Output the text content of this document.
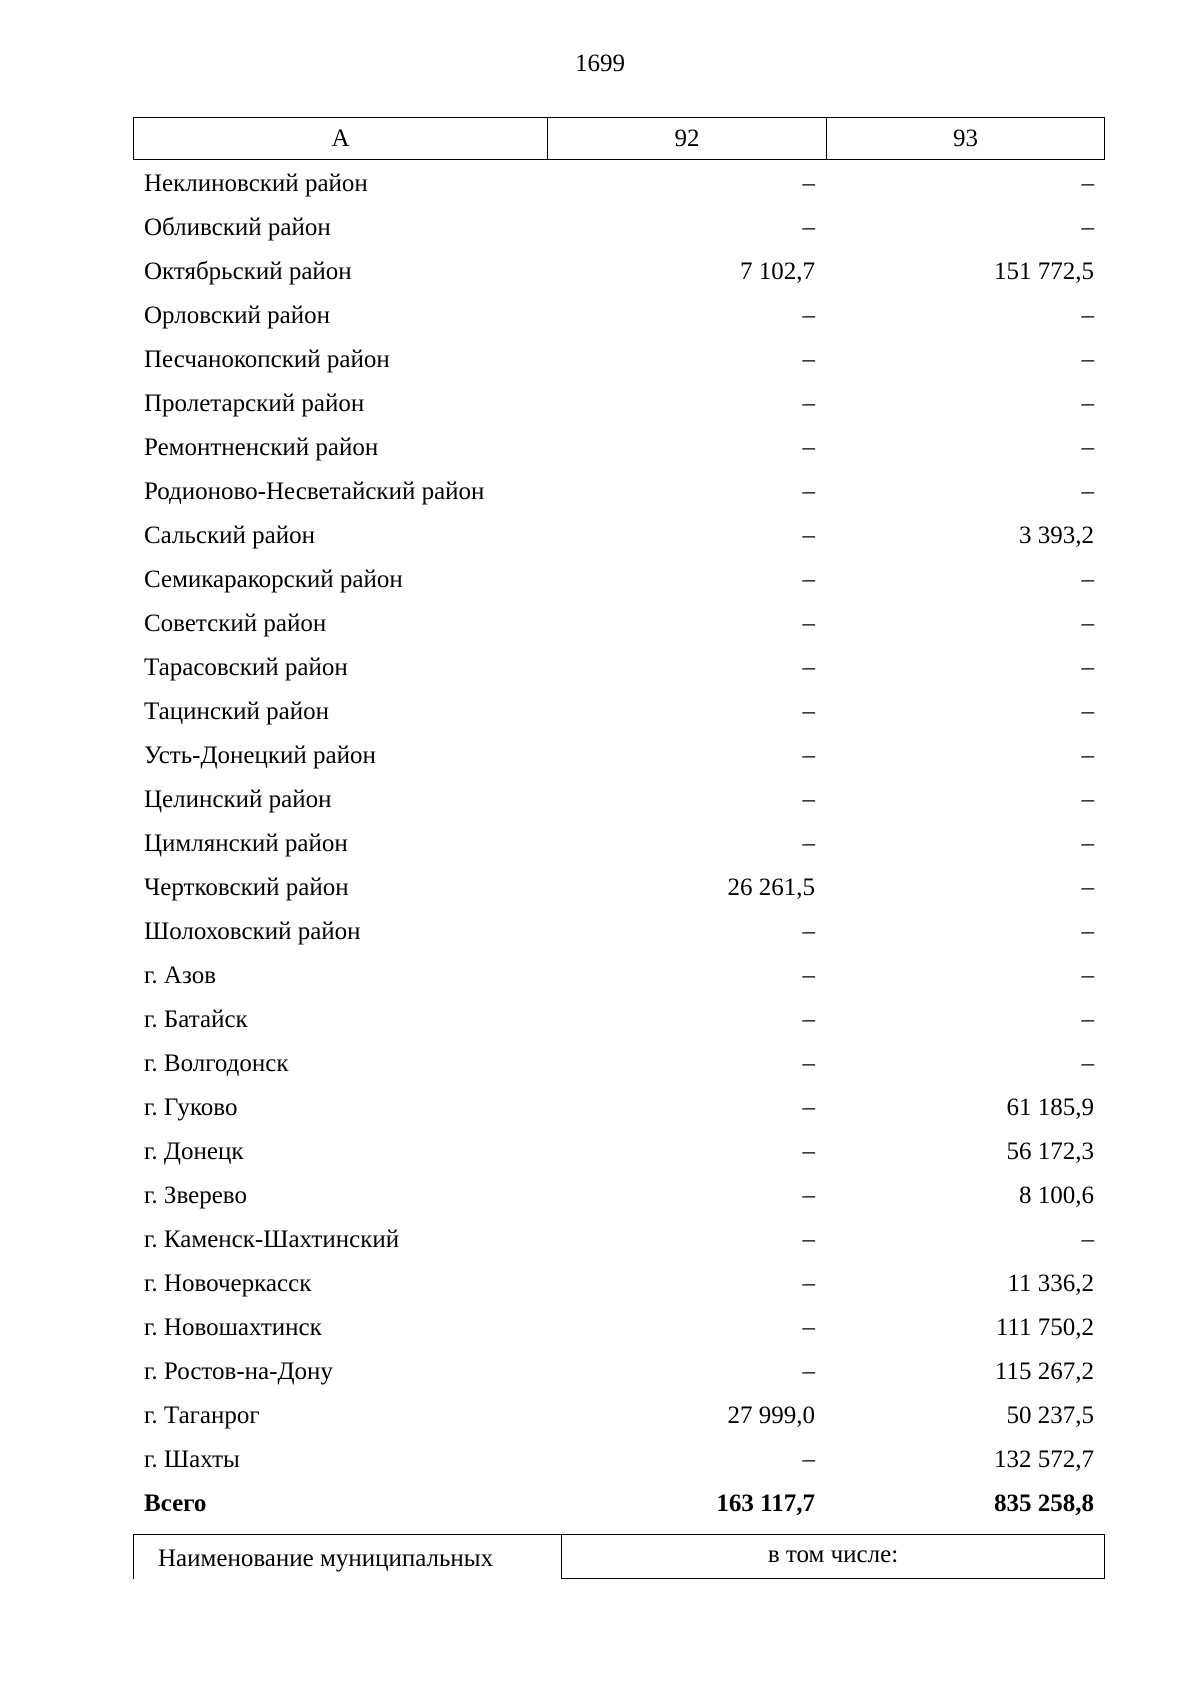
1699
А	92	93
Неклиновский район	–	–
Обливский район	–	–
Октябрьский район	7 102,7	151 772,5
Орловский район	–	–
Песчанокопский район	–	–
Пролетарский район	–	–
Ремонтненский район	–	–
Родионово-Несветайский район	–	–
Сальский район	–	3 393,2
Семикаракорский район	–	–
Советский район	–	–
Тарасовский район	–	–
Тацинский район	–	–
Усть-Донецкий район	–	–
Целинский район	–	–
Цимлянский район	–	–
Чертковский район	26 261,5	–
Шолоховский район	–	–
г. Азов	–	–
г. Батайск	–	–
г. Волгодонск	–	–
г. Гуково	–	61 185,9
г. Донецк	–	56 172,3
г. Зверево	–	8 100,6
г. Каменск-Шахтинский	–	–
г. Новочеркасск	–	11 336,2
г. Новошахтинск	–	111 750,2
г. Ростов-на-Дону	–	115 267,2
г. Таганрог	27 999,0	50 237,5
г. Шахты	–	132 572,7
Всего	163 117,7	835 258,8
Наименование муниципальных	в том числе:
